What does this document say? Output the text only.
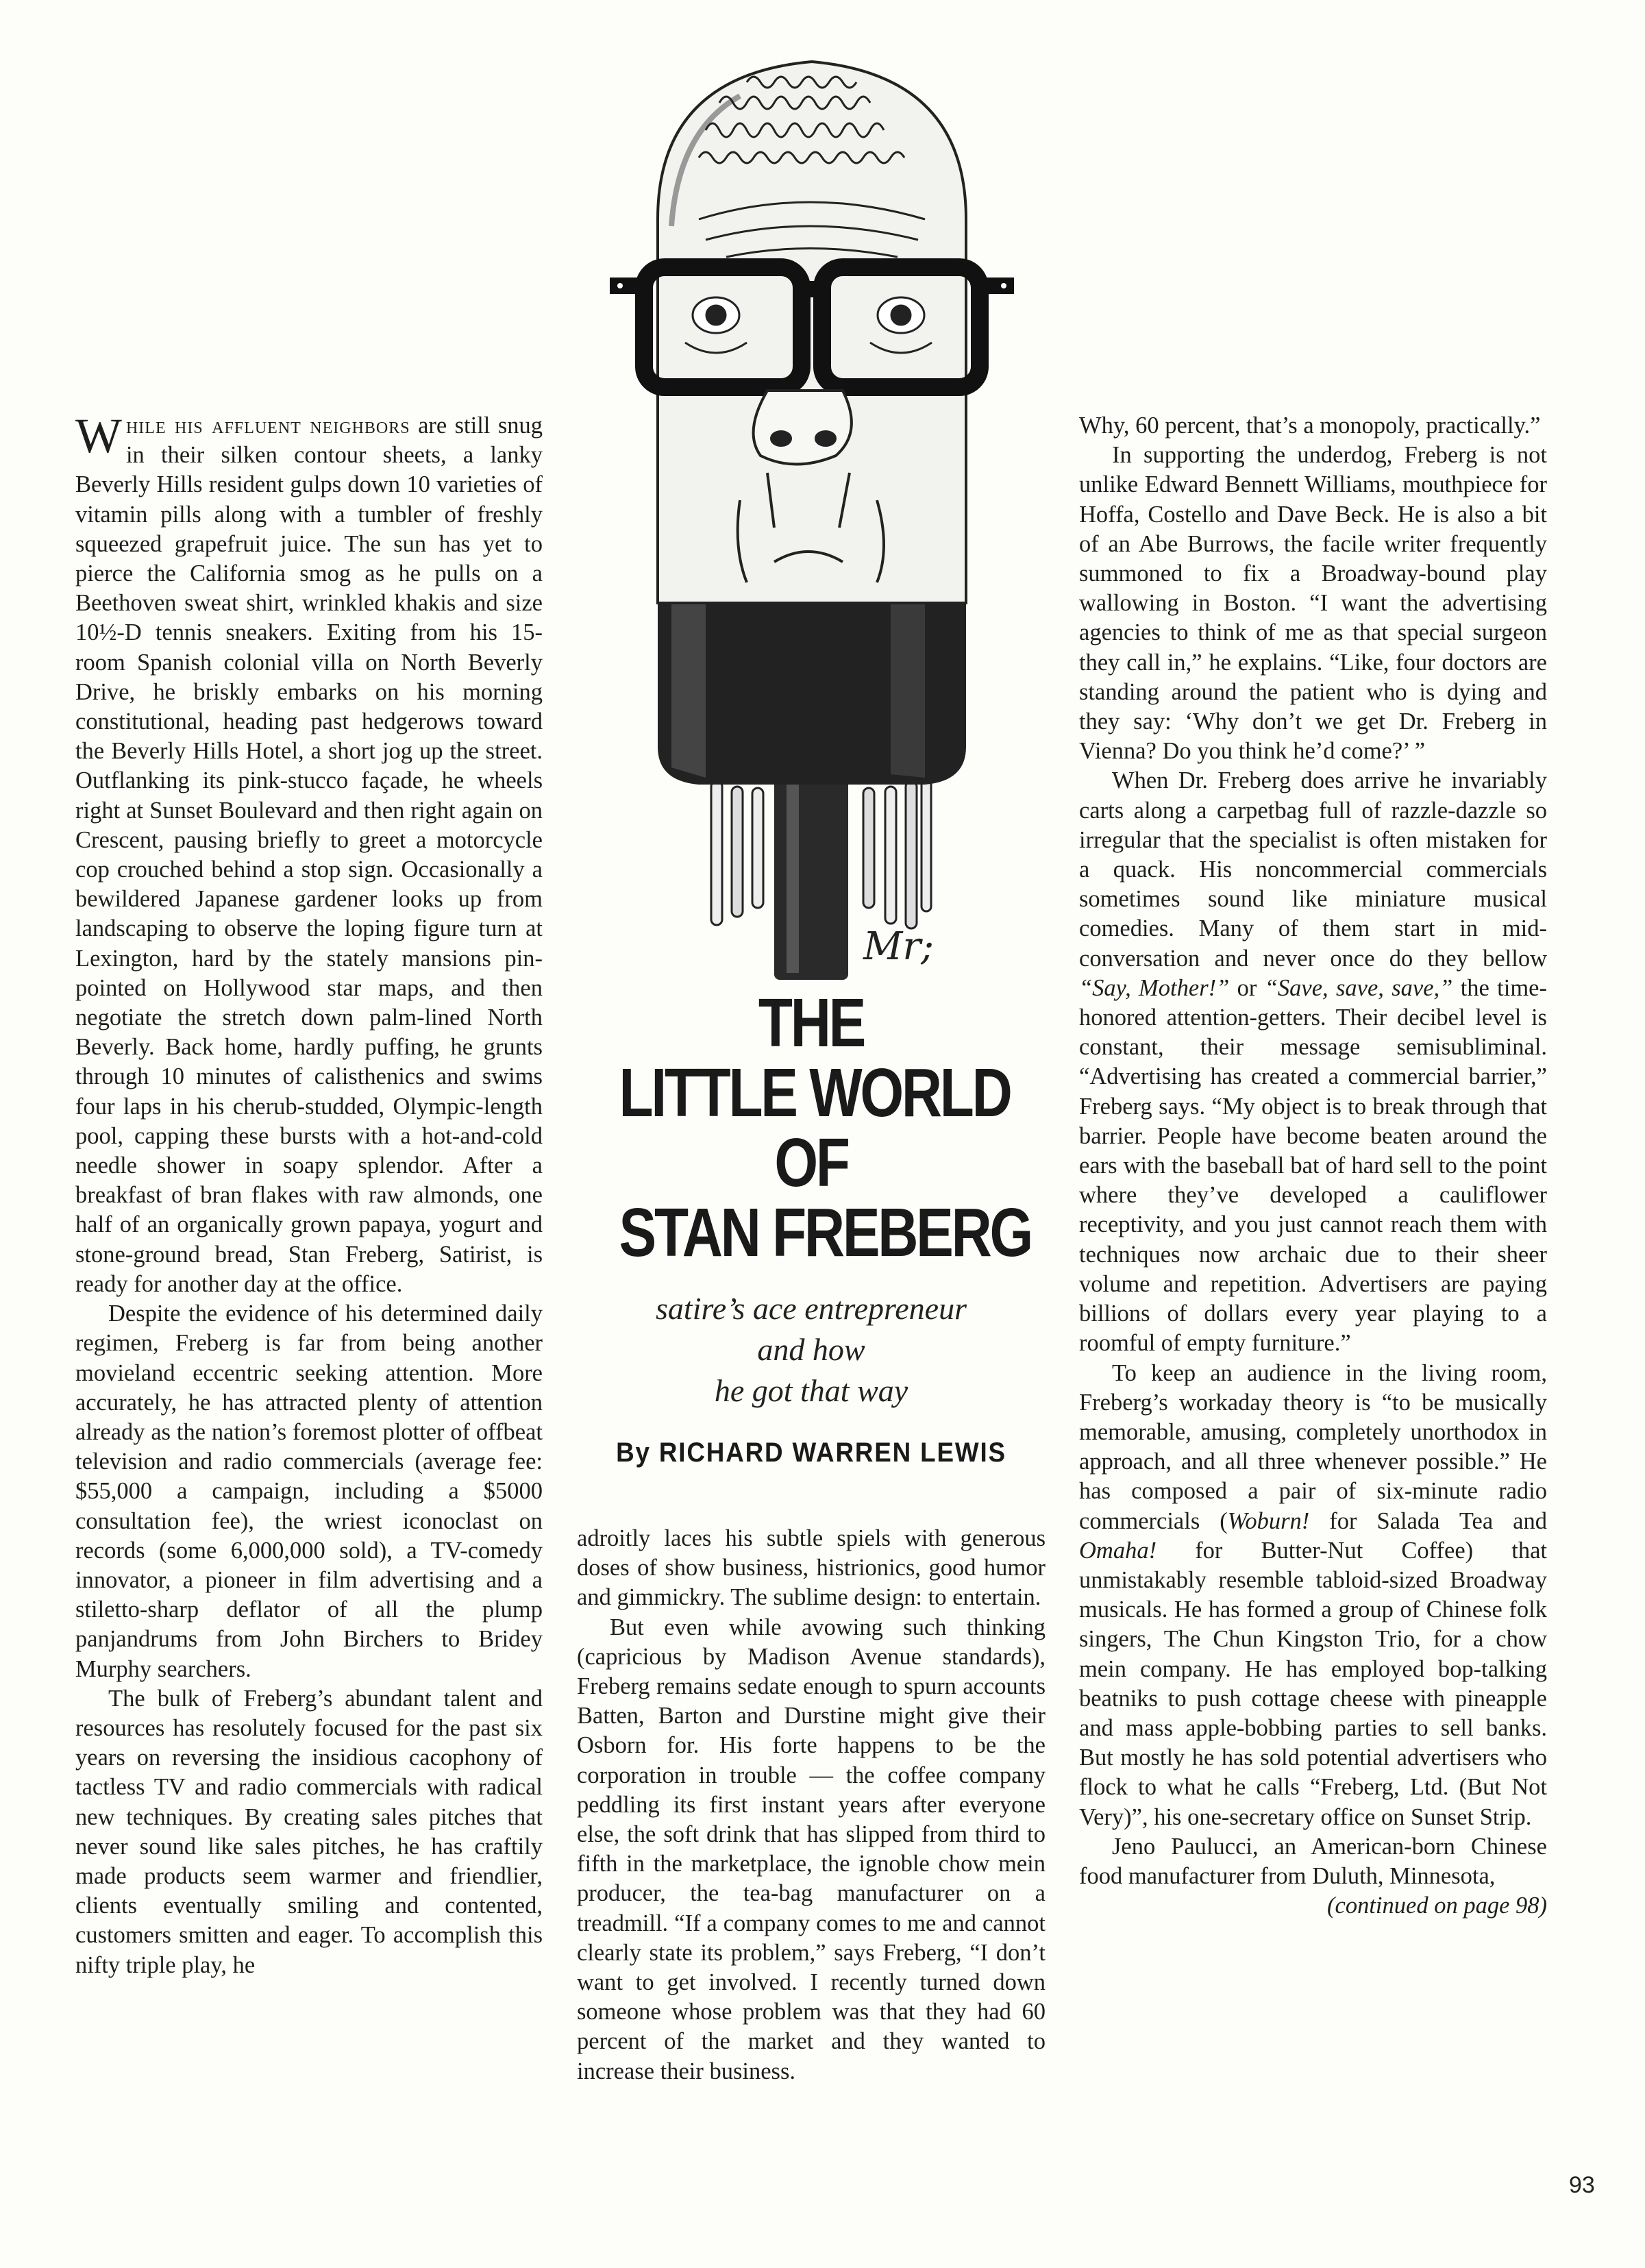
Mr;
THE
LITTLE WORLD
OF
STAN FREBERG
satire’s ace entrepreneur
and how
he got that way
By RICHARD WARREN LEWIS

While his affluent neighbors are still snug in their silken contour sheets, a lanky Beverly Hills resident gulps down 10 varieties of vitamin pills along with a tumbler of freshly squeezed grapefruit juice. The sun has yet to pierce the California smog as he pulls on a Beethoven sweat shirt, wrinkled khakis and size 10½-D tennis sneakers. Exiting from his 15-room Spanish colonial villa on North Beverly Drive, he briskly embarks on his morning constitutional, heading past hedgerows toward the Beverly Hills Hotel, a short jog up the street. Outflanking its pink-stucco façade, he wheels right at Sunset Boulevard and then right again on Crescent, pausing briefly to greet a motorcycle cop crouched behind a stop sign. Occasionally a bewildered Japanese gardener looks up from landscaping to observe the loping figure turn at Lexington, hard by the stately mansions pin-pointed on Hollywood star maps, and then negotiate the stretch down palm-lined North Beverly. Back home, hardly puffing, he grunts through 10 minutes of calisthenics and swims four laps in his cherub-studded, Olympic-length pool, capping these bursts with a hot-and-cold needle shower in soapy splendor. After a breakfast of bran flakes with raw almonds, one half of an organically grown papaya, yogurt and stone-ground bread, Stan Freberg, Satirist, is ready for another day at the office.

Despite the evidence of his determined daily regimen, Freberg is far from being another movieland eccentric seeking attention. More accurately, he has attracted plenty of attention already as the nation’s foremost plotter of offbeat television and radio commercials (average fee: $55,000 a campaign, including a $5000 consultation fee), the wriest iconoclast on records (some 6,000,000 sold), a TV-comedy innovator, a pioneer in film advertising and a stiletto-sharp deflator of all the plump panjandrums from John Birchers to Bridey Murphy searchers.

The bulk of Freberg’s abundant talent and resources has resolutely focused for the past six years on reversing the insidious cacophony of tactless TV and radio commercials with radical new techniques. By creating sales pitches that never sound like sales pitches, he has craftily made products seem warmer and friendlier, clients eventually smiling and contented, customers smitten and eager. To accomplish this nifty triple play, he

adroitly laces his subtle spiels with generous doses of show business, histrionics, good humor and gimmickry. The sublime design: to entertain.

But even while avowing such thinking (capricious by Madison Avenue standards), Freberg remains sedate enough to spurn accounts Batten, Barton and Durstine might give their Osborn for. His forte happens to be the corporation in trouble — the coffee company peddling its first instant years after everyone else, the soft drink that has slipped from third to fifth in the marketplace, the ignoble chow mein producer, the tea-bag manufacturer on a treadmill. “If a company comes to me and cannot clearly state its problem,” says Freberg, “I don’t want to get involved. I recently turned down someone whose problem was that they had 60 percent of the market and they wanted to increase their business.

Why, 60 percent, that’s a monopoly, practically.”

In supporting the underdog, Freberg is not unlike Edward Bennett Williams, mouthpiece for Hoffa, Costello and Dave Beck. He is also a bit of an Abe Burrows, the facile writer frequently summoned to fix a Broadway-bound play wallowing in Boston. “I want the advertising agencies to think of me as that special surgeon they call in,” he explains. “Like, four doctors are standing around the patient who is dying and they say: ‘Why don’t we get Dr. Freberg in Vienna? Do you think he’d come?’ ”

When Dr. Freberg does arrive he invariably carts along a carpetbag full of razzle-dazzle so irregular that the specialist is often mistaken for a quack. His noncommercial commercials sometimes sound like miniature musical comedies. Many of them start in mid-conversation and never once do they bellow “Say, Mother!” or “Save, save, save,” the time-honored attention-getters. Their decibel level is constant, their message semisubliminal. “Advertising has created a commercial barrier,” Freberg says. “My object is to break through that barrier. People have become beaten around the ears with the baseball bat of hard sell to the point where they’ve developed a cauliflower receptivity, and you just cannot reach them with techniques now archaic due to their sheer volume and repetition. Advertisers are paying billions of dollars every year playing to a roomful of empty furniture.”

To keep an audience in the living room, Freberg’s workaday theory is “to be musically memorable, amusing, completely unorthodox in approach, and all three whenever possible.” He has composed a pair of six-minute radio commercials (Woburn! for Salada Tea and Omaha! for Butter-Nut Coffee) that unmistakably resemble tabloid-sized Broadway musicals. He has formed a group of Chinese folk singers, The Chun Kingston Trio, for a chow mein company. He has employed bop-talking beatniks to push cottage cheese with pineapple and mass apple-bobbing parties to sell banks. But mostly he has sold potential advertisers who flock to what he calls “Freberg, Ltd. (But Not Very)”, his one-secretary office on Sunset Strip.

Jeno Paulucci, an American-born Chinese food manufacturer from Duluth, Minnesota,
(continued on page 98)

93
